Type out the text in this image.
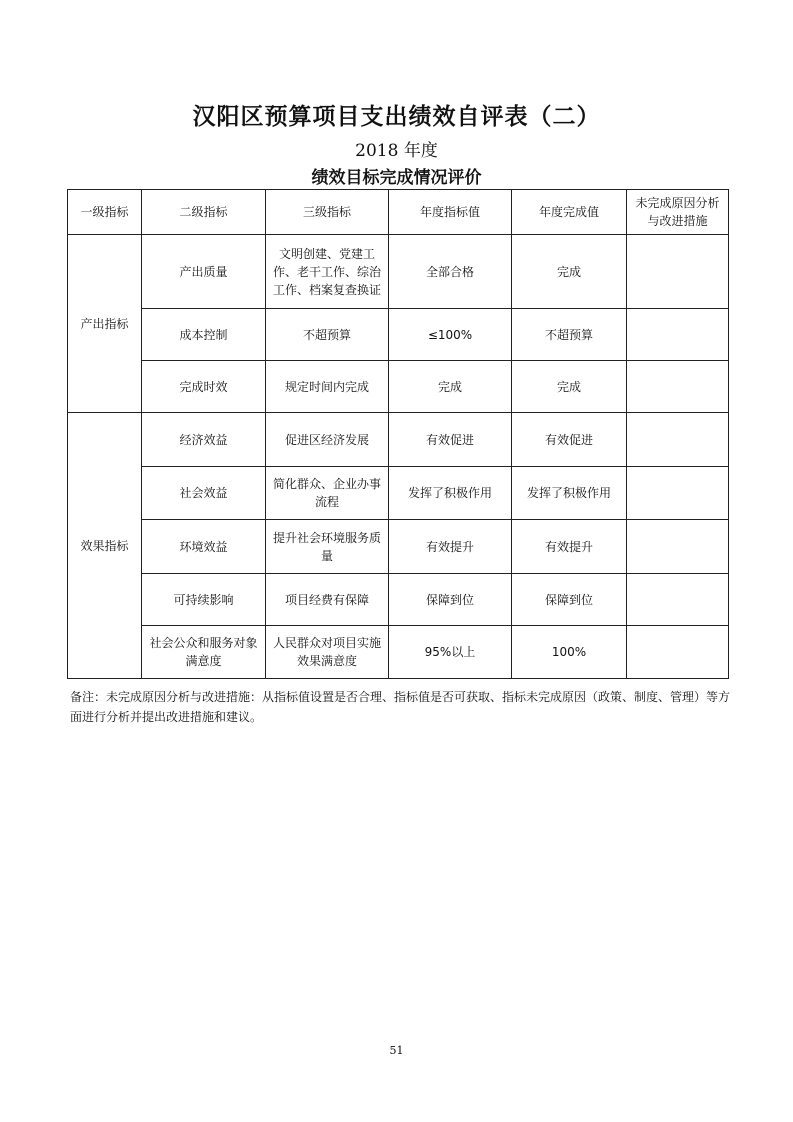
汉阳区预算项目支出绩效自评表（二）
2018 年度
绩效目标完成情况评价
一级指标	二级指标	三级指标	年度指标值	年度完成值	未完成原因分析与改进措施
产出指标	产出质量	文明创建、党建工作、老干工作、综治工作、档案复查换证	全部合格	完成	
	成本控制	不超预算	≤100%	不超预算	
	完成时效	规定时间内完成	完成	完成	
效果指标	经济效益	促进区经济发展	有效促进	有效促进	
	社会效益	简化群众、企业办事流程	发挥了积极作用	发挥了积极作用	
	环境效益	提升社会环境服务质量	有效提升	有效提升	
	可持续影响	项目经费有保障	保障到位	保障到位	
	社会公众和服务对象满意度	人民群众对项目实施效果满意度	95%以上	100%	
备注：未完成原因分析与改进措施：从指标值设置是否合理、指标值是否可获取、指标未完成原因（政策、制度、管理）等方面进行分析并提出改进措施和建议。
51
